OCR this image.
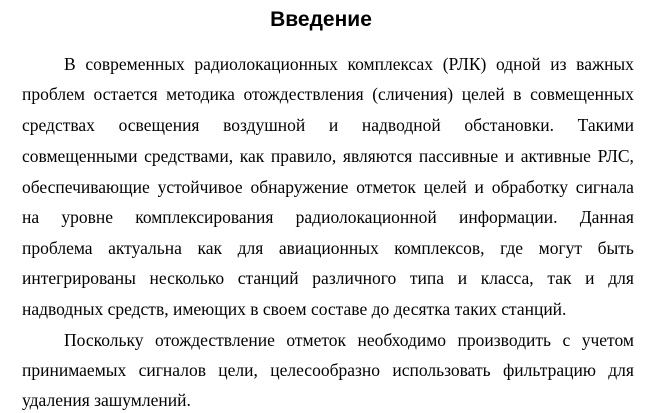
Введение
В современных радиолокационных комплексах (РЛК) одной из важных
проблем остается методика отождествления (сличения) целей в совмещенных
средствах освещения воздушной и надводной обстановки. Такими
совмещенными средствами, как правило, являются пассивные и активные РЛС,
обеспечивающие устойчивое обнаружение отметок целей и обработку сигнала
на уровне комплексирования радиолокационной информации. Данная
проблема актуальна как для авиационных комплексов, где могут быть
интегрированы несколько станций различного типа и класса, так и для
надводных средств, имеющих в своем составе до десятка таких станций.
Поскольку отождествление отметок необходимо производить с учетом
принимаемых сигналов цели, целесообразно использовать фильтрацию для
удаления зашумлений.
